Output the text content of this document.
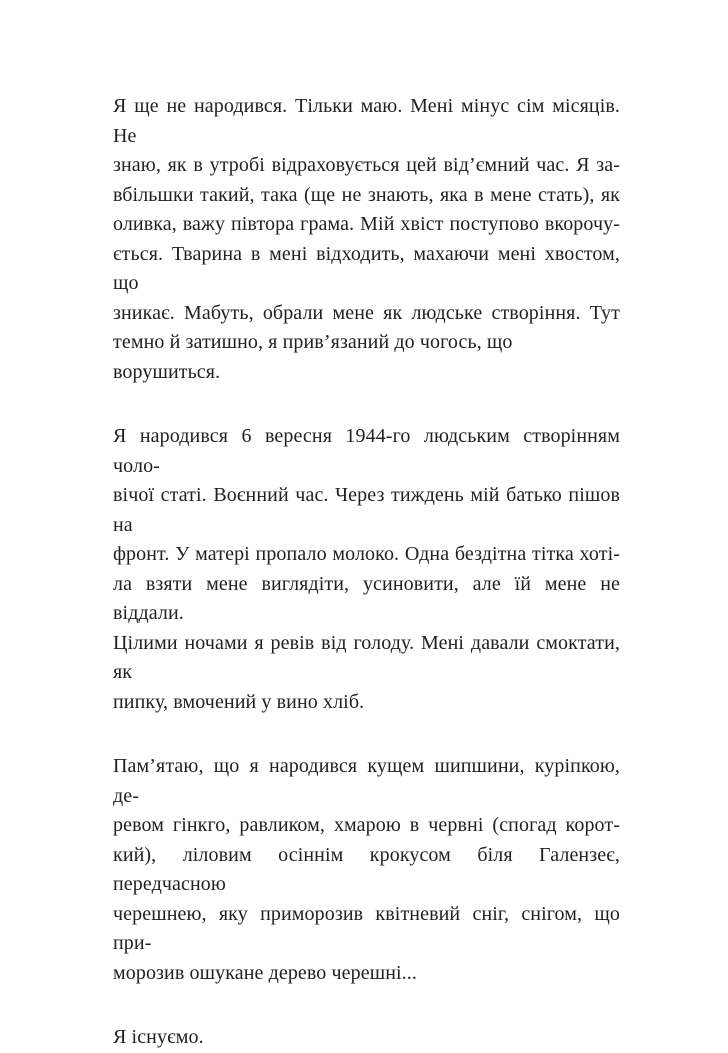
Я ще не народився. Тільки маю. Мені мінус сім місяців. Не
знаю, як в утробі відраховується цей від’ємний час. Я за-
вбільшки такий, така (ще не знають, яка в мене стать), як
оливка, важу півтора грама. Мій хвіст поступово вкорочу-
ється. Тварина в мені відходить, махаючи мені хвостом, що
зникає. Мабуть, обрали мене як людське створіння. Тут
темно й затишно, я прив’язаний до чогось, що ворушиться.
Я народився 6 вересня 1944-го людським створінням чоло-
вічої статі. Воєнний час. Через тиждень мій батько пішов на
фронт. У матері пропало молоко. Одна бездітна тітка хоті-
ла взяти мене виглядіти, усиновити, але їй мене не віддали.
Цілими ночами я ревів від голоду. Мені давали смоктати, як
пипку, вмочений у вино хліб.
Пам’ятаю, що я народився кущем шипшини, куріпкою, де-
ревом гінкго, равликом, хмарою в червні (спогад корот-
кий), ліловим осіннім крокусом біля Галензеє, передчасною
черешнею, яку приморозив квітневий сніг, снігом, що при-
морозив ошукане дерево черешні...
Я існуємо.
